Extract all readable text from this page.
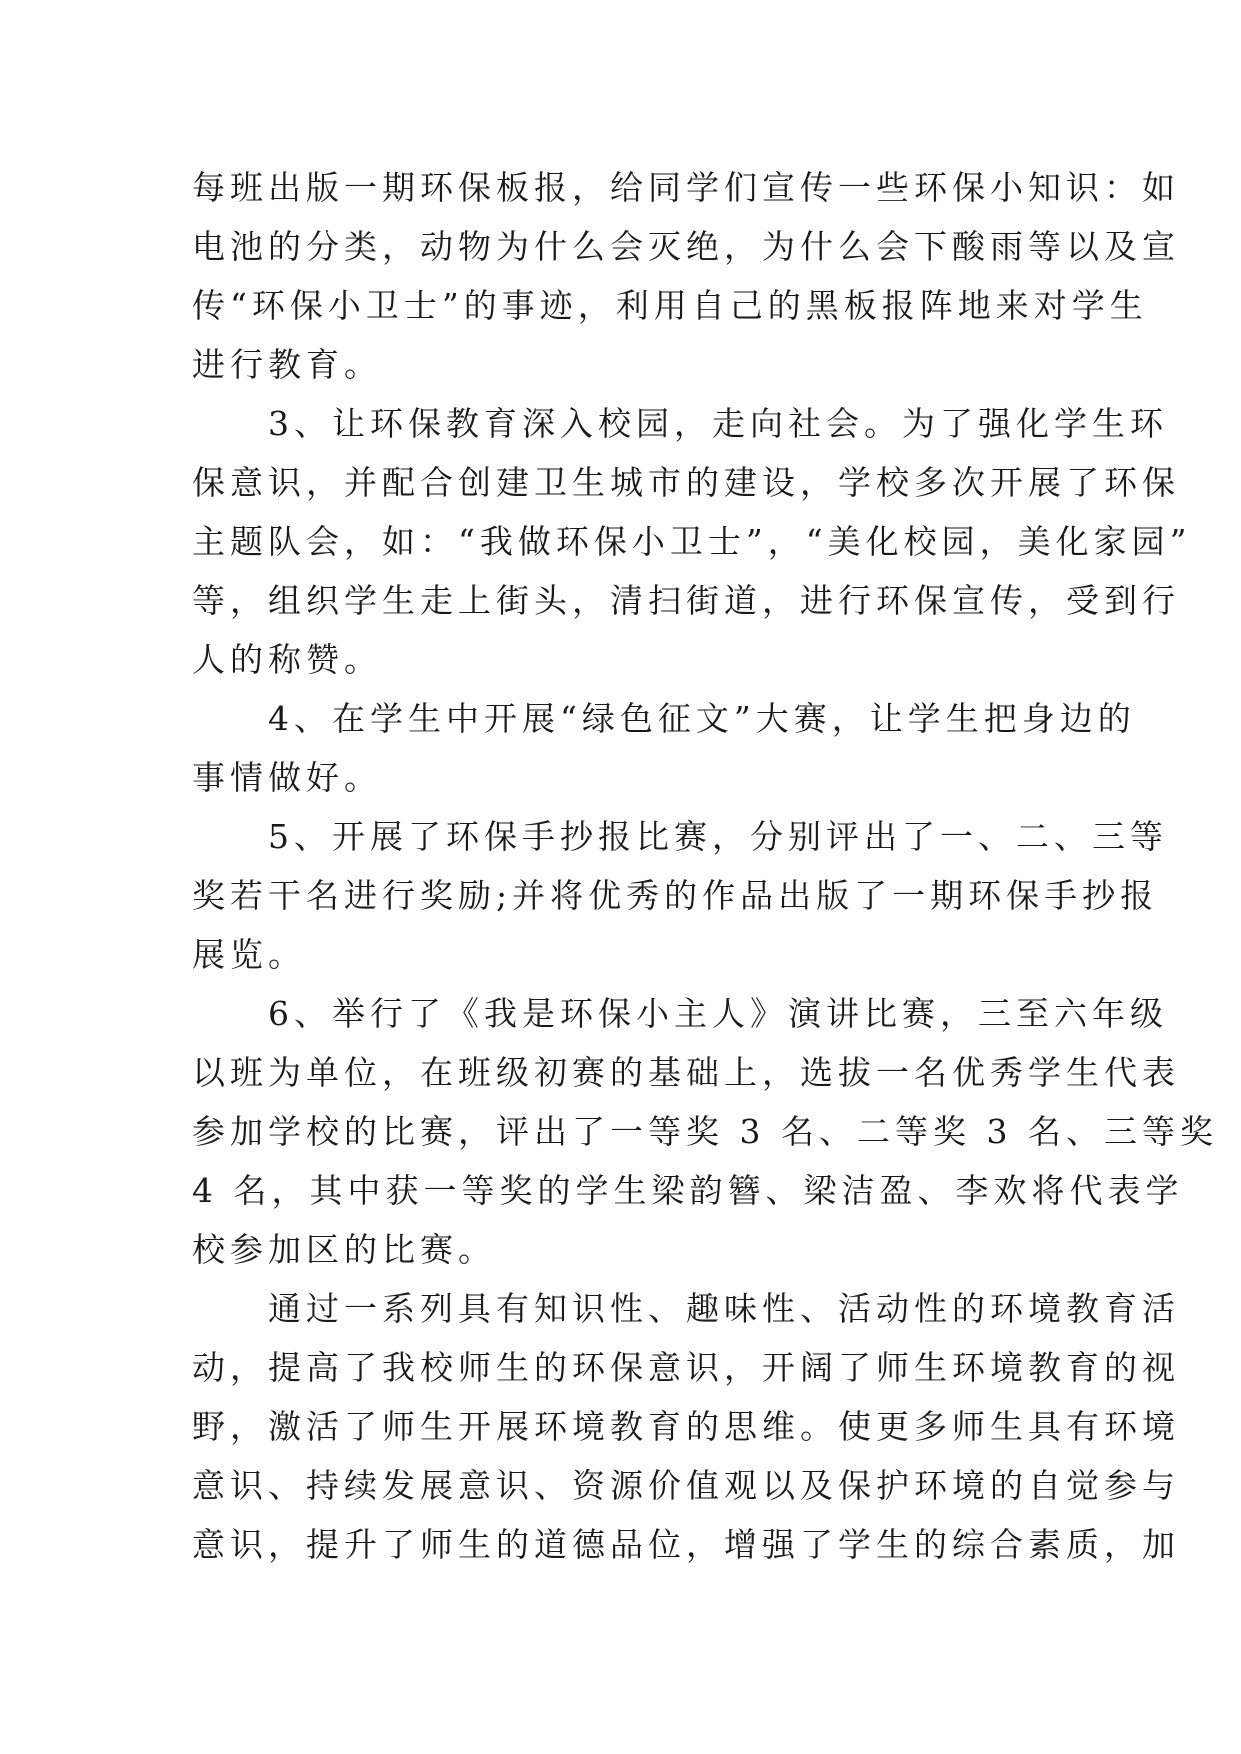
每班出版一期环保板报，给同学们宣传一些环保小知识：如
电池的分类，动物为什么会灭绝，为什么会下酸雨等以及宣
传“环保小卫士”的事迹，利用自己的黑板报阵地来对学生
进行教育。
　　3、让环保教育深入校园，走向社会。为了强化学生环
保意识，并配合创建卫生城市的建设，学校多次开展了环保
主题队会，如：“我做环保小卫士”，“美化校园，美化家园”
等，组织学生走上街头，清扫街道，进行环保宣传，受到行
人的称赞。
　　4、在学生中开展“绿色征文”大赛，让学生把身边的
事情做好。
　　5、开展了环保手抄报比赛，分别评出了一、二、三等
奖若干名进行奖励;并将优秀的作品出版了一期环保手抄报
展览。
　　6、举行了《我是环保小主人》演讲比赛，三至六年级
以班为单位，在班级初赛的基础上，选拔一名优秀学生代表
参加学校的比赛，评出了一等奖 3 名、二等奖 3 名、三等奖
4 名，其中获一等奖的学生梁韵簪、梁洁盈、李欢将代表学
校参加区的比赛。
　　通过一系列具有知识性、趣味性、活动性的环境教育活
动，提高了我校师生的环保意识，开阔了师生环境教育的视
野，激活了师生开展环境教育的思维。使更多师生具有环境
意识、持续发展意识、资源价值观以及保护环境的自觉参与
意识，提升了师生的道德品位，增强了学生的综合素质，加
